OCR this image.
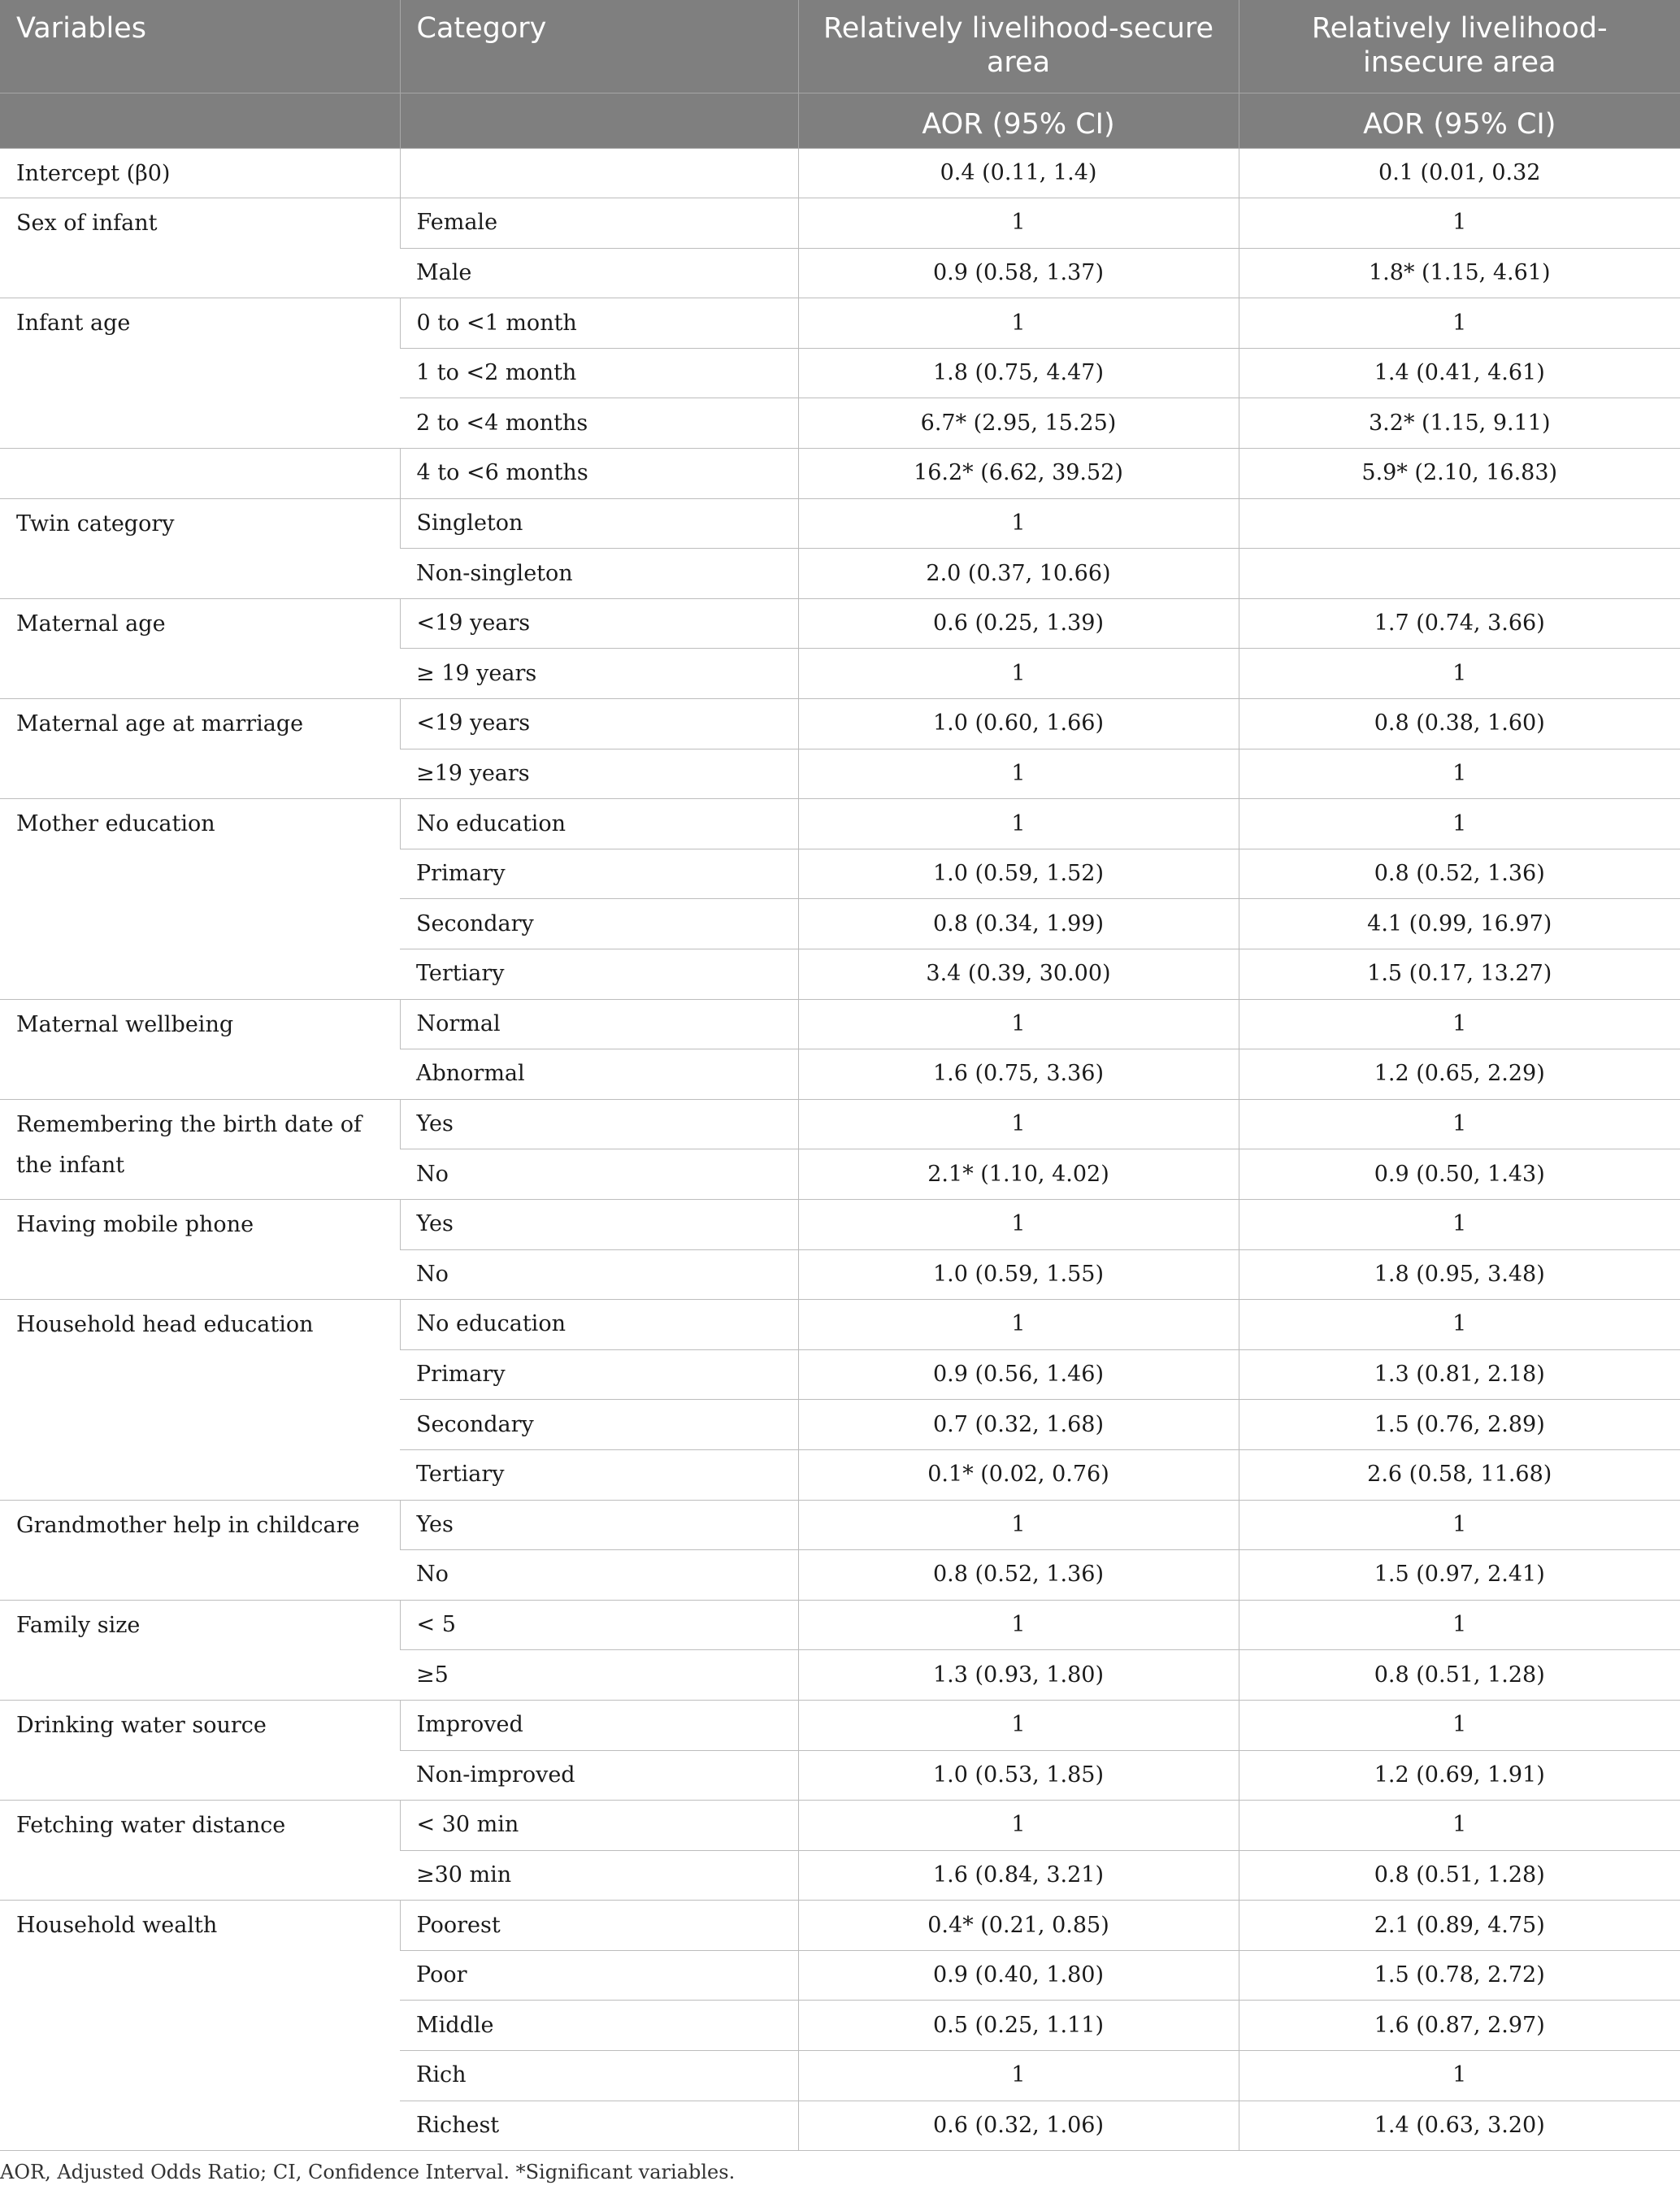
Variables	Category	Relatively livelihood-secure area	Relatively livelihood-insecure area
		AOR (95% CI)	AOR (95% CI)
Intercept (β0)		0.4 (0.11, 1.4)	0.1 (0.01, 0.32
Sex of infant	Female	1	1
	Male	0.9 (0.58, 1.37)	1.8* (1.15, 4.61)
Infant age	0 to <1 month	1	1
	1 to <2 month	1.8 (0.75, 4.47)	1.4 (0.41, 4.61)
	2 to <4 months	6.7* (2.95, 15.25)	3.2* (1.15, 9.11)
	4 to <6 months	16.2* (6.62, 39.52)	5.9* (2.10, 16.83)
Twin category	Singleton	1	
	Non-singleton	2.0 (0.37, 10.66)	
Maternal age	<19 years	0.6 (0.25, 1.39)	1.7 (0.74, 3.66)
	≥ 19 years	1	1
Maternal age at marriage	<19 years	1.0 (0.60, 1.66)	0.8 (0.38, 1.60)
	≥19 years	1	1
Mother education	No education	1	1
	Primary	1.0 (0.59, 1.52)	0.8 (0.52, 1.36)
	Secondary	0.8 (0.34, 1.99)	4.1 (0.99, 16.97)
	Tertiary	3.4 (0.39, 30.00)	1.5 (0.17, 13.27)
Maternal wellbeing	Normal	1	1
	Abnormal	1.6 (0.75, 3.36)	1.2 (0.65, 2.29)
Remembering the birth date of the infant	Yes	1	1
	No	2.1* (1.10, 4.02)	0.9 (0.50, 1.43)
Having mobile phone	Yes	1	1
	No	1.0 (0.59, 1.55)	1.8 (0.95, 3.48)
Household head education	No education	1	1
	Primary	0.9 (0.56, 1.46)	1.3 (0.81, 2.18)
	Secondary	0.7 (0.32, 1.68)	1.5 (0.76, 2.89)
	Tertiary	0.1* (0.02, 0.76)	2.6 (0.58, 11.68)
Grandmother help in childcare	Yes	1	1
	No	0.8 (0.52, 1.36)	1.5 (0.97, 2.41)
Family size	< 5	1	1
	≥5	1.3 (0.93, 1.80)	0.8 (0.51, 1.28)
Drinking water source	Improved	1	1
	Non-improved	1.0 (0.53, 1.85)	1.2 (0.69, 1.91)
Fetching water distance	< 30 min	1	1
	≥30 min	1.6 (0.84, 3.21)	0.8 (0.51, 1.28)
Household wealth	Poorest	0.4* (0.21, 0.85)	2.1 (0.89, 4.75)
	Poor	0.9 (0.40, 1.80)	1.5 (0.78, 2.72)
	Middle	0.5 (0.25, 1.11)	1.6 (0.87, 2.97)
	Rich	1	1
	Richest	0.6 (0.32, 1.06)	1.4 (0.63, 3.20)
AOR, Adjusted Odds Ratio; CI, Confidence Interval. *Significant variables.
